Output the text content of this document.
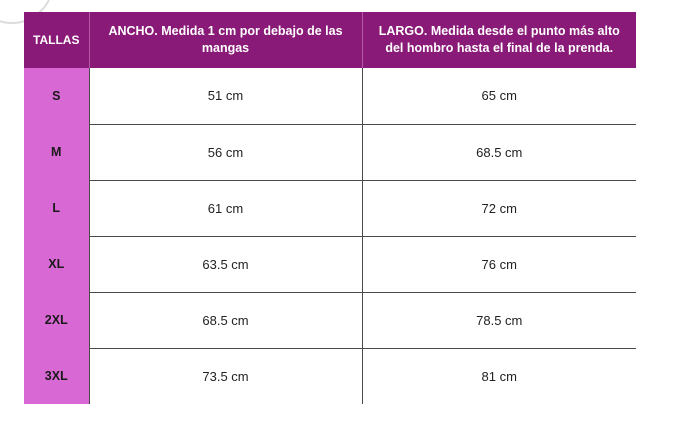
TALLAS	ANCHO. Medida 1 cm por debajo de las mangas	LARGO. Medida desde el punto más alto del hombro hasta el final de la prenda.
S	51 cm	65 cm
M	56 cm	68.5 cm
L	61 cm	72 cm
XL	63.5 cm	76 cm
2XL	68.5 cm	78.5 cm
3XL	73.5 cm	81 cm
